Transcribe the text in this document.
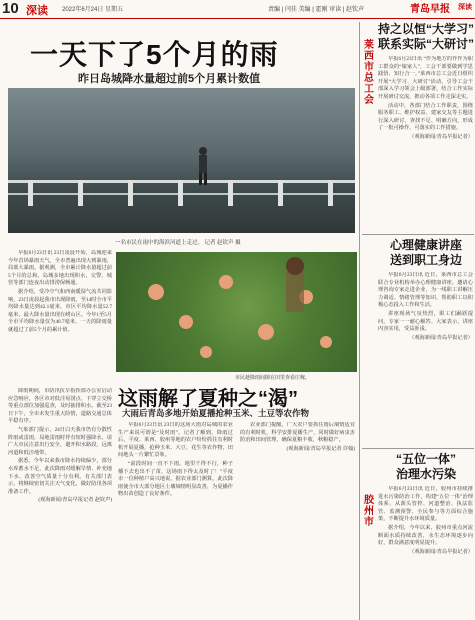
10 深读 2022年6月24日 星期五	责编 | 闫佳 美编 | 霍刚 审读 | 赵钦声	青岛早报 深读
一天下了5个月的雨
昨日岛城降水量超过前5个月累计数值
一名市民在雨中的海滨河道上走过。 记者 赵钦声 摄

早报6月23日讯 23日凌晨开始，岛城迎来今年首场暴雨天气，全市普遍出现大到暴雨，局部大暴雨。据观测，全市累计降水量超过前5个月的总和。岛城多地出现积水，交警、城管等部门连夜出动排涝保畅通。

据介绍，受冷空气和西南暖湿气流共同影响，23日凌晨起我市出现降雨，至14时全市平均降水量达到42.1毫米，市区平均降水量52.7毫米，最大降水量出现在崂山区。今年1至5月全市平均降水量仅为40.7毫米，一天的降雨量就超过了前5个月的累计值。

降雨期间，市防汛抗旱指挥部办公室启动应急响应，各区市对低洼易涝点、下穿立交桥等重点部位加强巡查，及时抽排积水。截至23日下午，全市未发生重大险情，道路交通总体平稳有序。

气象部门提示，24日白天我市仍有分散性阵雨或雷雨，局地雷雨时伴有短时强降水，请广大市民注意出行安全，避开积水路段，远离河道和低洼地带。

据悉，今年以来我市降水持续偏少，部分水库蓄水不足，此次降雨对缓解旱情、补充地下水、改善空气质量十分有利。有关部门表示，将继续密切关注天气变化，做好防汛各项准备工作。

(观海新闻/青岛早报记者 赵钦声)

市民趁降雨间隙在田里查看庄稼。
这雨解了夏种之“渴”
大雨后青岛多地开始夏播抢种玉米、土豆等农作物

早报6月23日讯 23日的这场大雨对岛城的农业生产来说可谓是“及时雨”。记者了解到，降雨过后，平度、莱西、胶州等地的农户纷纷抓住有利时机开展夏播，抢种玉米、大豆、花生等农作物，田间地头一片繁忙景象。

“前段时间一直不下雨，地里干得不行，种子播下去也出不了苗。这场雨下得太及时了！”平度市一位种植户高兴地说。据农业部门测算，此次降雨使全市大部分地区土壤墒情明显改善，为夏播作物出苗创造了良好条件。

农业部门提醒，广大农户要抓住雨后墒情适宜的有利时机，科学安排夏播生产，同时做好病虫害防治和田间管理，确保夏粮丰收、秋粮稳产。

(观海新闻/青岛早报记者 许翰)

莱西市总工会
胶州市
持之以恒“大学习”
联系实际“大研讨”

早报6月23日讯 “作为地方的作作为职工群众的“娘家人”，工会干部要做到学思践悟、知行合一。”莱西市总工会近日组织开展“大学习、大研讨”活动，引导工会干部深入学习领会上级部署，结合工作实际开展研讨交流，推动各项工作走深走实。

活动中，各部门结合工作职责，围绕服务职工、维护权益、建家交友等主题进行深入研讨，查找不足、明确方向，形成了一批可操作、可落实的工作措施。

（观海新闻/青岛早报记者）

心理健康讲座
送到职工身边

早报6月23日讯 近日，莱西市总工会联合专业机构举办心理健康讲座，邀请心理咨询专家走进企业，为一线职工讲解压力调适、情绪管理等知识，帮助职工以积极心态投入工作和生活。

讲座现场气氛热烈，职工们踊跃提问，专家一一耐心解答。大家表示，讲座内容实用，受益匪浅。

（观海新闻/青岛早报记者）

“五位一体”
治理水污染

早报6月23日讯 近日，胶州市持续推进水污染防治工作，构建“五位一体”治理体系，从源头管控、河道整治、执法监管、监测预警、全民参与等方面综合施策，不断提升水环境质量。

据介绍，今年以来，胶州市重点河流断面水质持续改善，水生态环境逐步向好，群众满意度明显提升。

（观海新闻/青岛早报记者）
